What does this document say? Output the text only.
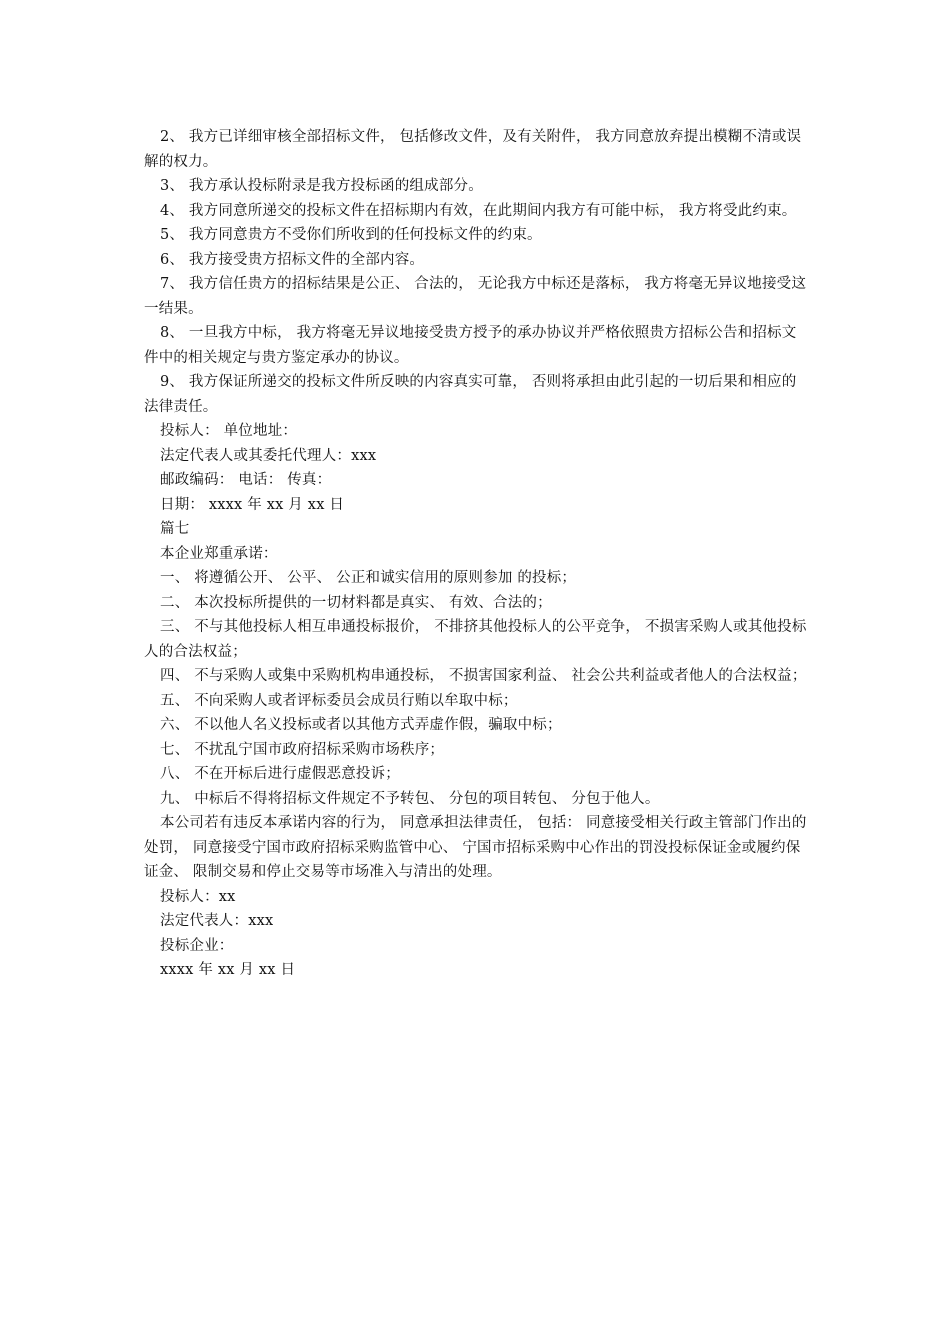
2、 我方已详细审核全部招标文件， 包括修改文件，及有关附件， 我方同意放弃提出模糊不清或误解的权力。

3、 我方承认投标附录是我方投标函的组成部分。

4、 我方同意所递交的投标文件在招标期内有效，在此期间内我方有可能中标， 我方将受此约束。

5、 我方同意贵方不受你们所收到的任何投标文件的约束。

6、 我方接受贵方招标文件的全部内容。

7、 我方信任贵方的招标结果是公正、 合法的， 无论我方中标还是落标， 我方将毫无异议地接受这一结果。

8、 一旦我方中标， 我方将毫无异议地接受贵方授予的承办协议并严格依照贵方招标公告和招标文件中的相关规定与贵方鉴定承办的协议。

9、 我方保证所递交的投标文件所反映的内容真实可靠， 否则将承担由此引起的一切后果和相应的法律责任。

投标人： 单位地址：

法定代表人或其委托代理人：xxx

邮政编码： 电话： 传真：

日期： xxxx 年 xx 月 xx 日

篇七

本企业郑重承诺：

一、 将遵循公开、 公平、 公正和诚实信用的原则参加 的投标；

二、 本次投标所提供的一切材料都是真实、 有效、合法的；

三、 不与其他投标人相互串通投标报价， 不排挤其他投标人的公平竞争， 不损害采购人或其他投标人的合法权益；

四、 不与采购人或集中采购机构串通投标， 不损害国家利益、 社会公共利益或者他人的合法权益；

五、 不向采购人或者评标委员会成员行贿以牟取中标；

六、 不以他人名义投标或者以其他方式弄虚作假，骗取中标；

七、 不扰乱宁国市政府招标采购市场秩序；

八、 不在开标后进行虚假恶意投诉；

九、 中标后不得将招标文件规定不予转包、 分包的项目转包、 分包于他人。

本公司若有违反本承诺内容的行为， 同意承担法律责任， 包括： 同意接受相关行政主管部门作出的处罚， 同意接受宁国市政府招标采购监管中心、 宁国市招标采购中心作出的罚没投标保证金或履约保证金、 限制交易和停止交易等市场准入与清出的处理。

投标人：xx

法定代表人：xxx

投标企业：

xxxx 年 xx 月 xx 日
